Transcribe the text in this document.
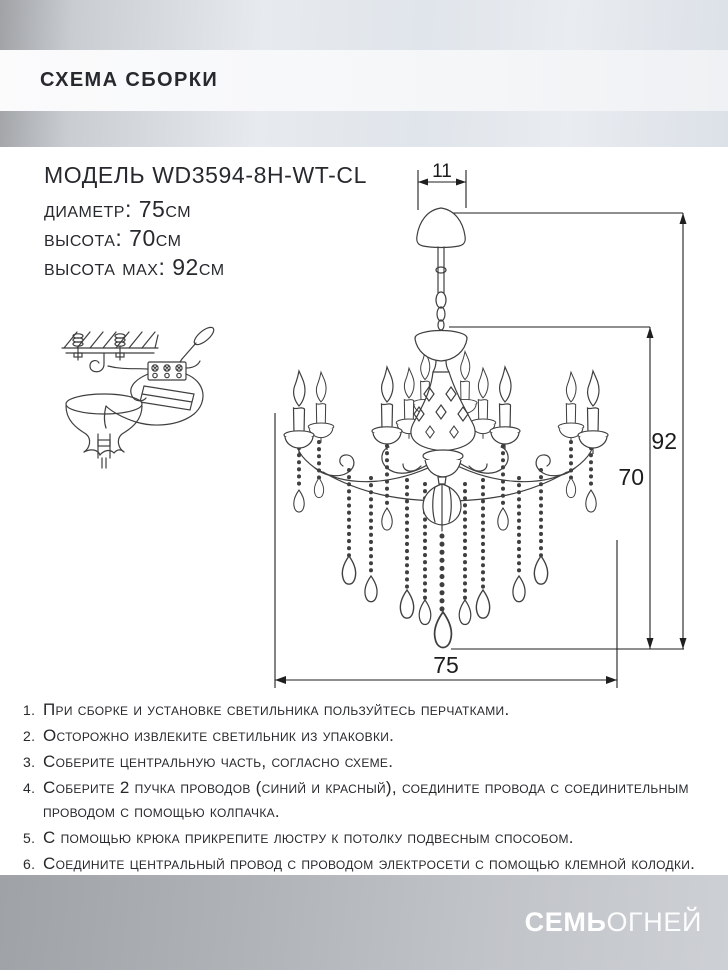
СХЕМА СБОРКИ
МОДЕЛЬ WD3594-8H-WT-CL
диаметр: 75см
высота: 70см
высота max: 92см
11
92
70
75
1. При сборке и установке светильника пользуйтесь перчатками.
2. Осторожно извлеките светильник из упаковки.
3. Соберите центральную часть, согласно схеме.
4. Соберите 2 пучка проводов (синий и красный), соедините провода с соединительным проводом с помощью колпачка.
5. С помощью крюка прикрепите люстру к потолку подвесным способом.
6. Соедините центральный провод с проводом электросети с помощью клемной колодки.
СЕМЬОГНЕЙ
